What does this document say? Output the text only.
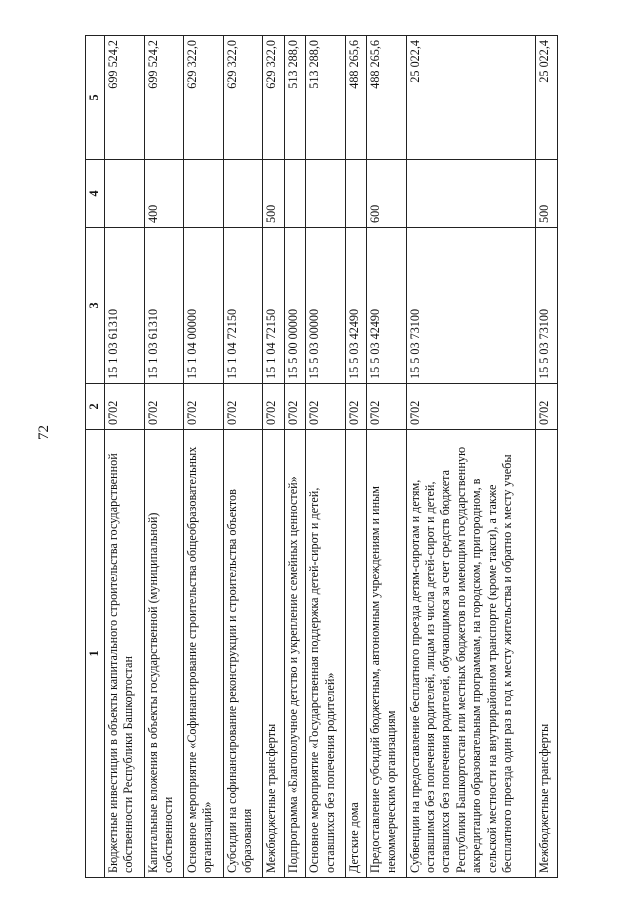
72
1	2	3	4	5
Бюджетные инвестиции в объекты капитального строительства государственной собственности Республики Башкортостан	0702	15 1 03 61310		699 524,2
Капитальные вложения в объекты государственной (муниципальной) собственности	0702	15 1 03 61310	400	699 524,2
Основное мероприятие «Софинансирование строительства общеобразовательных организаций»	0702	15 1 04 00000		629 322,0
Субсидии на софинансирование реконструкции и строительства объектов образования	0702	15 1 04 72150		629 322,0
Межбюджетные трансферты	0702	15 1 04 72150	500	629 322,0
Подпрограмма «Благополучное детство и укрепление семейных ценностей»	0702	15 5 00 00000		513 288,0
Основное мероприятие «Государственная поддержка детей-сирот и детей, оставшихся без попечения родителей»	0702	15 5 03 00000		513 288,0
Детские дома	0702	15 5 03 42490		488 265,6
Предоставление субсидий бюджетным, автономным учреждениям и иным некоммерческим организациям	0702	15 5 03 42490	600	488 265,6
Субвенции на предоставление бесплатного проезда детям-сиротам и детям, оставшимся без попечения родителей, лицам из числа детей-сирот и детей, оставшихся без попечения родителей, обучающимся за счет средств бюджета Республики Башкортостан или местных бюджетов по имеющим государственную аккредитацию образовательным программам, на городском, пригородном, в сельской местности на внутрирайонном транспорте (кроме такси), а также бесплатного проезда один раз в год к месту жительства и обратно к месту учебы	0702	15 5 03 73100		25 022,4
Межбюджетные трансферты	0702	15 5 03 73100	500	25 022,4
